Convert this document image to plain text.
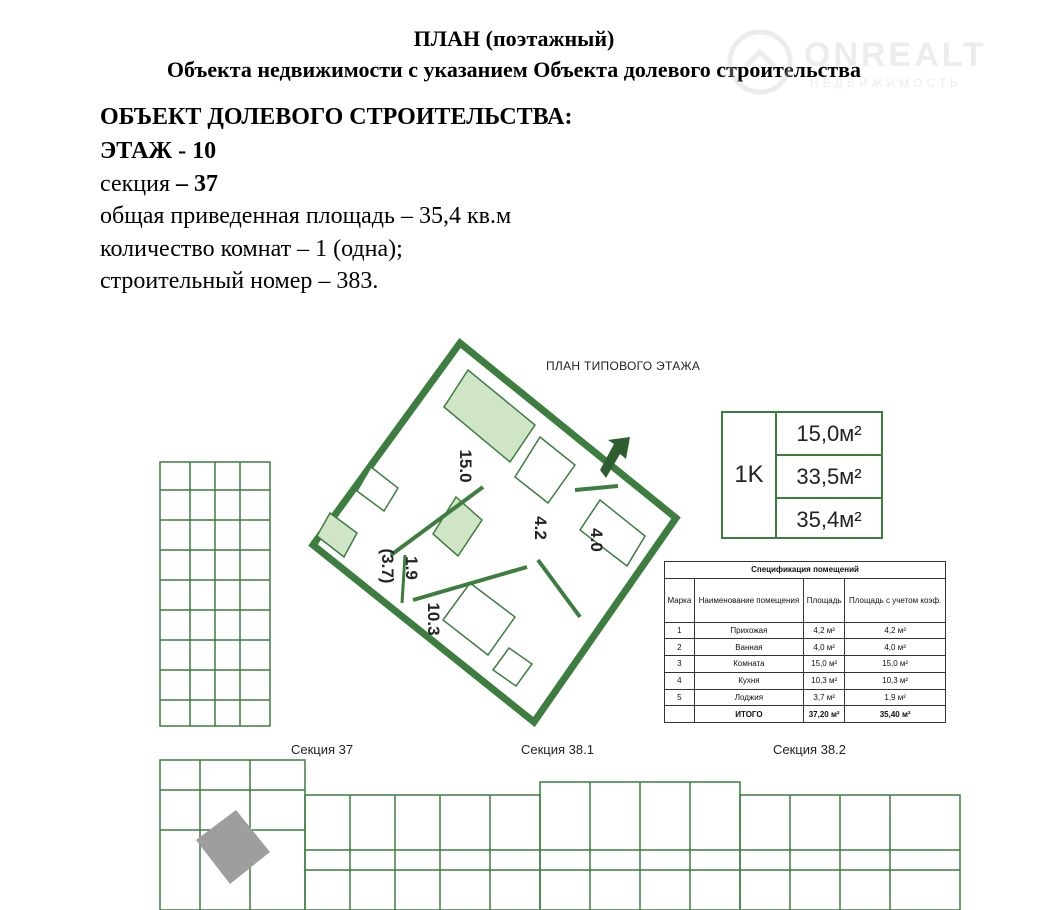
ПЛАН (поэтажный)
Объекта недвижимости с указанием Объекта долевого строительства
ONREALT
НЕДВИЖИМОСТЬ
ОБЪЕКТ ДОЛЕВОГО СТРОИТЕЛЬСТВА:
ЭТАЖ - 10
секция – 37
общая приведенная площадь – 35,4 кв.м
количество комнат – 1 (одна);
строительный номер – 383.
ПЛАН ТИПОВОГО ЭТАЖА
15.0
4.2
4.0
1.9
(3.7)
10.3
1K
15,0м²
33,5м²
35,4м²
Спецификация помещений			
Марка	Наименование помещения	Площадь	Площадь с учетом коэф.
1	Прихожая	4,2 м²	4,2 м²
2	Ванная	4,0 м²	4,0 м²
3	Комната	15,0 м²	15,0 м²
4	Кухня	10,3 м²	10,3 м²
5	Лоджия	3,7 м²	1,9 м²
	ИТОГО	37,20 м²	35,40 м²
Секция 37	Секция 38.1	Секция 38.2
